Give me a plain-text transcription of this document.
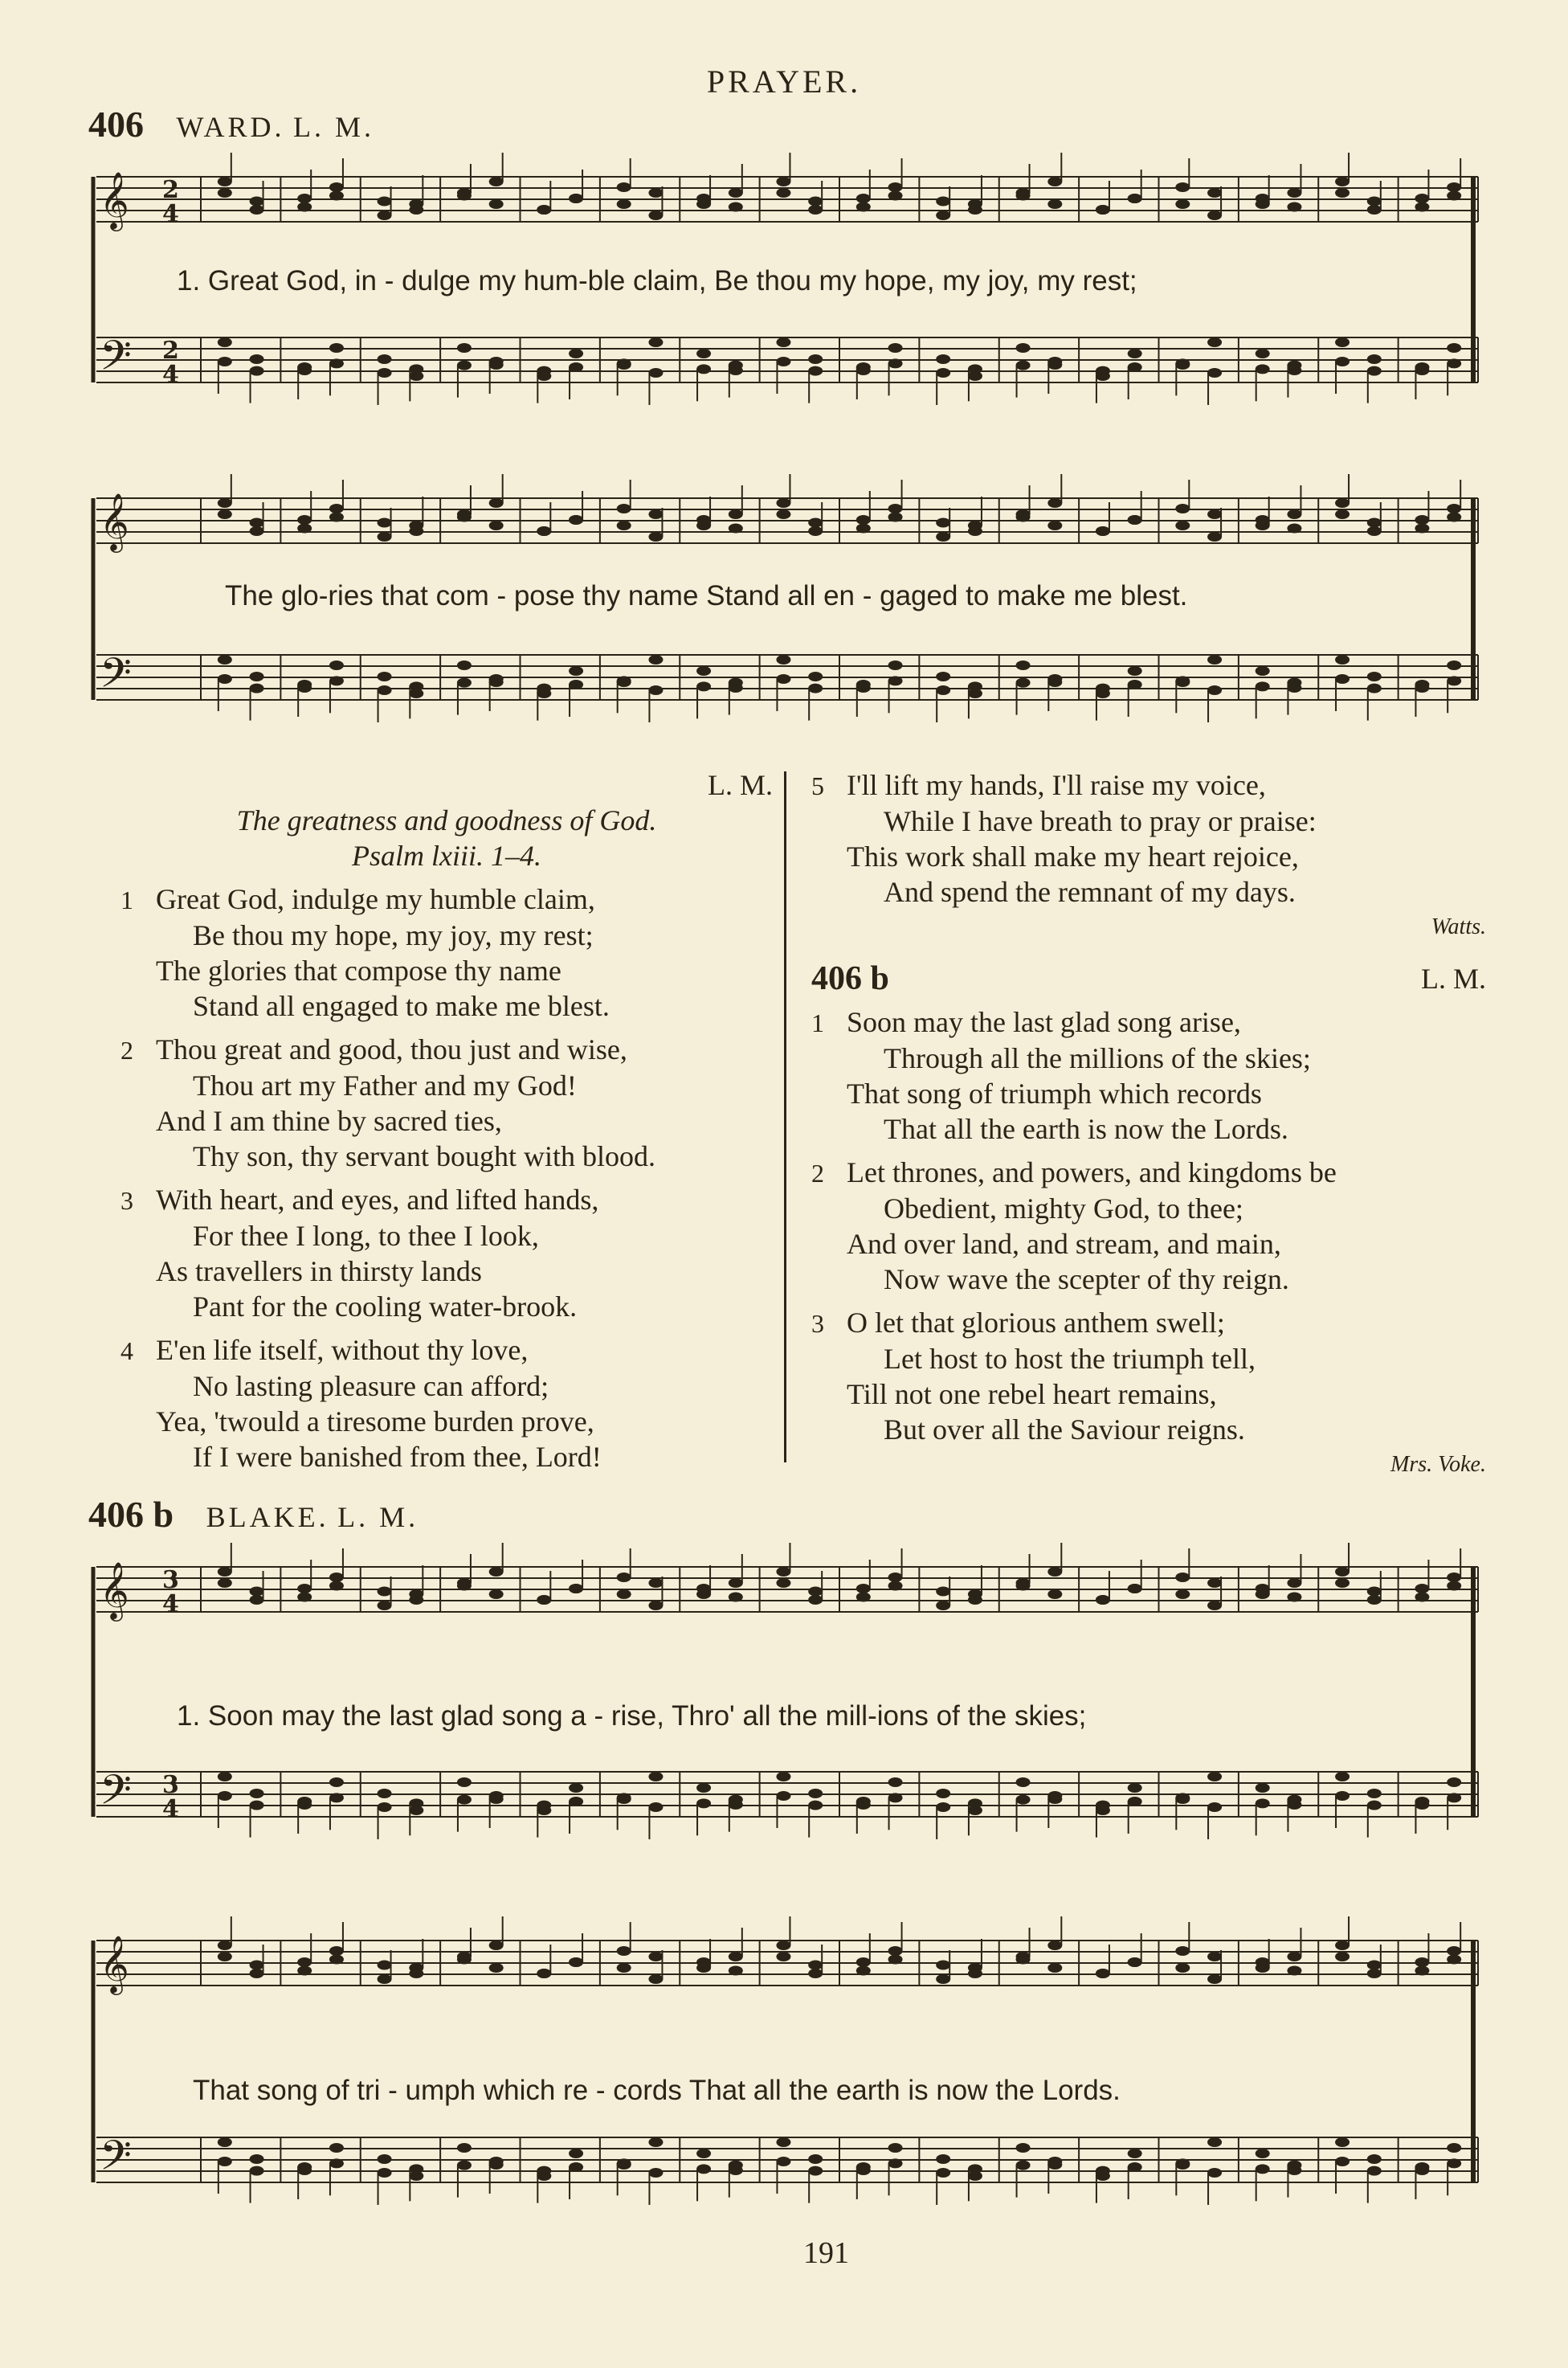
PRAYER.
406 WARD. L. M.
𝄞 2
4
𝄢 2
4
1. Great God, in - dulge my hum-ble claim, Be thou my hope, my joy, my rest;
𝄞
𝄢
The glo-ries that com - pose thy name Stand all en - gaged to make me blest.
L. M.
The greatness and goodness of God.
Psalm lxiii. 1–4.
1 Great God, indulge my humble claim,
Be thou my hope, my joy, my rest;
The glories that compose thy name
Stand all engaged to make me blest.
2 Thou great and good, thou just and wise,
Thou art my Father and my God!
And I am thine by sacred ties,
Thy son, thy servant bought with blood.
3 With heart, and eyes, and lifted hands,
For thee I long, to thee I look,
As travellers in thirsty lands
Pant for the cooling water-brook.
4 E'en life itself, without thy love,
No lasting pleasure can afford;
Yea, 'twould a tiresome burden prove,
If I were banished from thee, Lord!
5 I'll lift my hands, I'll raise my voice,
While I have breath to pray or praise:
This work shall make my heart rejoice,
And spend the remnant of my days.
Watts.
406 b	L. M.
1 Soon may the last glad song arise,
Through all the millions of the skies;
That song of triumph which records
That all the earth is now the Lords.
2 Let thrones, and powers, and kingdoms be
Obedient, mighty God, to thee;
And over land, and stream, and main,
Now wave the scepter of thy reign.
3 O let that glorious anthem swell;
Let host to host the triumph tell,
Till not one rebel heart remains,
But over all the Saviour reigns.
Mrs. Voke.
406 b BLAKE. L. M.
𝄞 3
4
𝄢 3
4
1. Soon may the last glad song a - rise, Thro' all the mill-ions of the skies;
𝄞
𝄢
That song of tri - umph which re - cords That all the earth is now the Lords.
191
